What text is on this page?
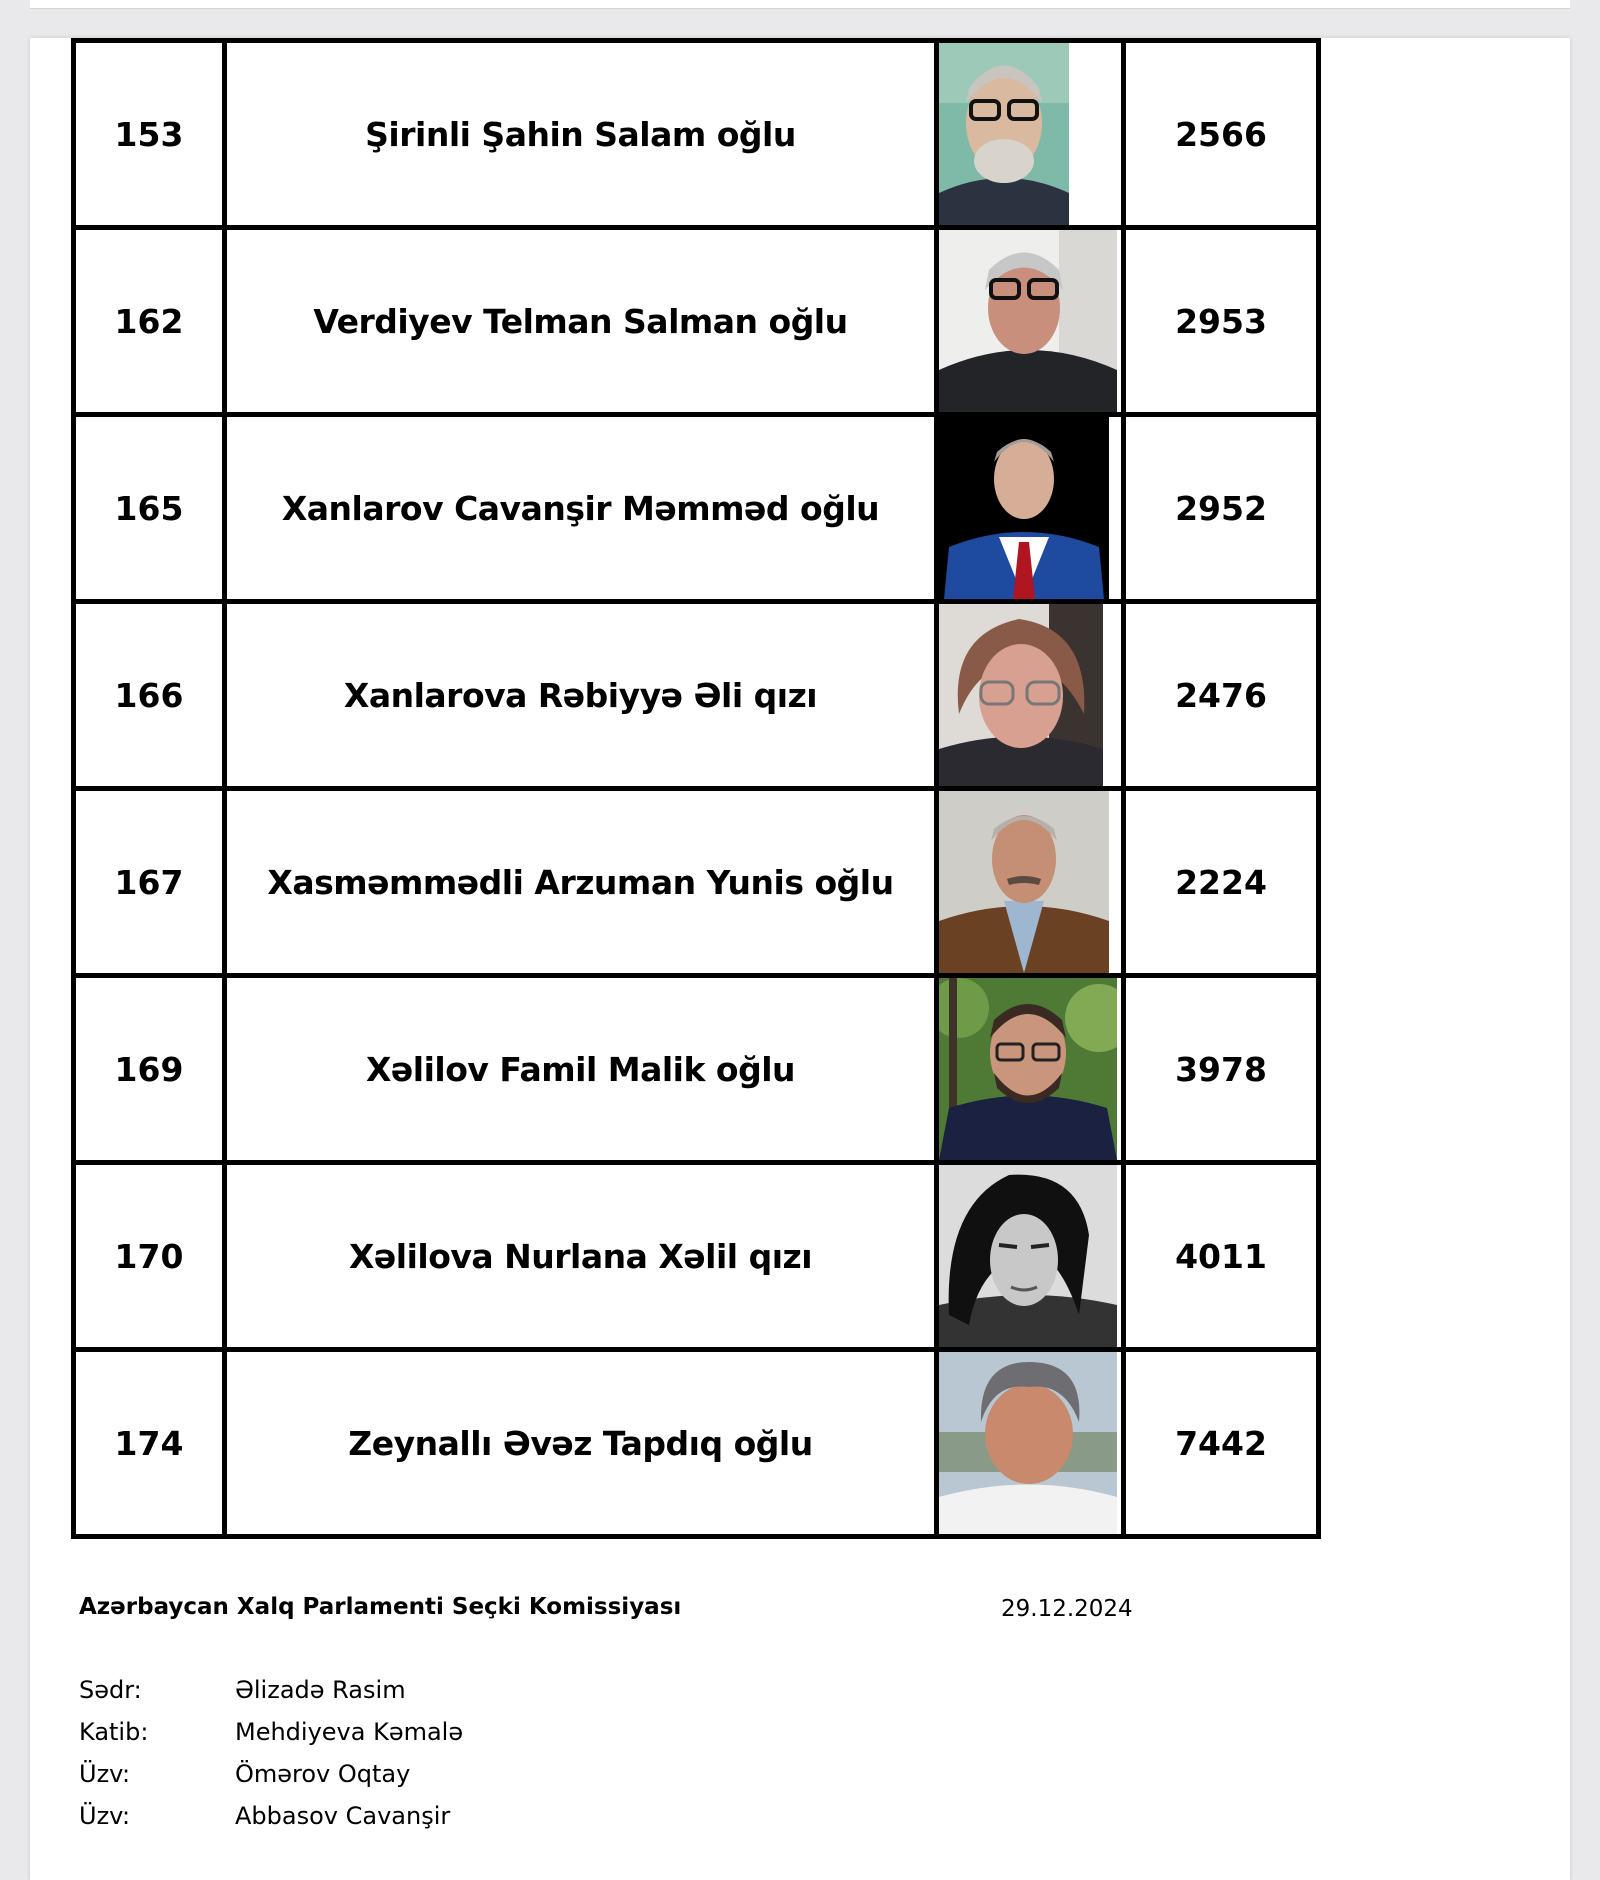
153	Şirinli Şahin Salam oğlu		2566
162	Verdiyev Telman Salman oğlu		2953
165	Xanlarov Cavanşir Məmməd oğlu		2952
166	Xanlarova Rəbiyyə Əli qızı		2476
167	Xasməmmədli Arzuman Yunis oğlu		2224
169	Xəlilov Famil Malik oğlu		3978
170	Xəlilova Nurlana Xəlil qızı		4011
174	Zeynallı Əvəz Tapdıq oğlu		7442
Azərbaycan Xalq Parlamenti Seçki Komissiyası	29.12.2024
Sədr:	Əlizadə Rasim
Katib:	Mehdiyeva Kəmalə
Üzv:	Ömərov Oqtay
Üzv:	Abbasov Cavanşir
